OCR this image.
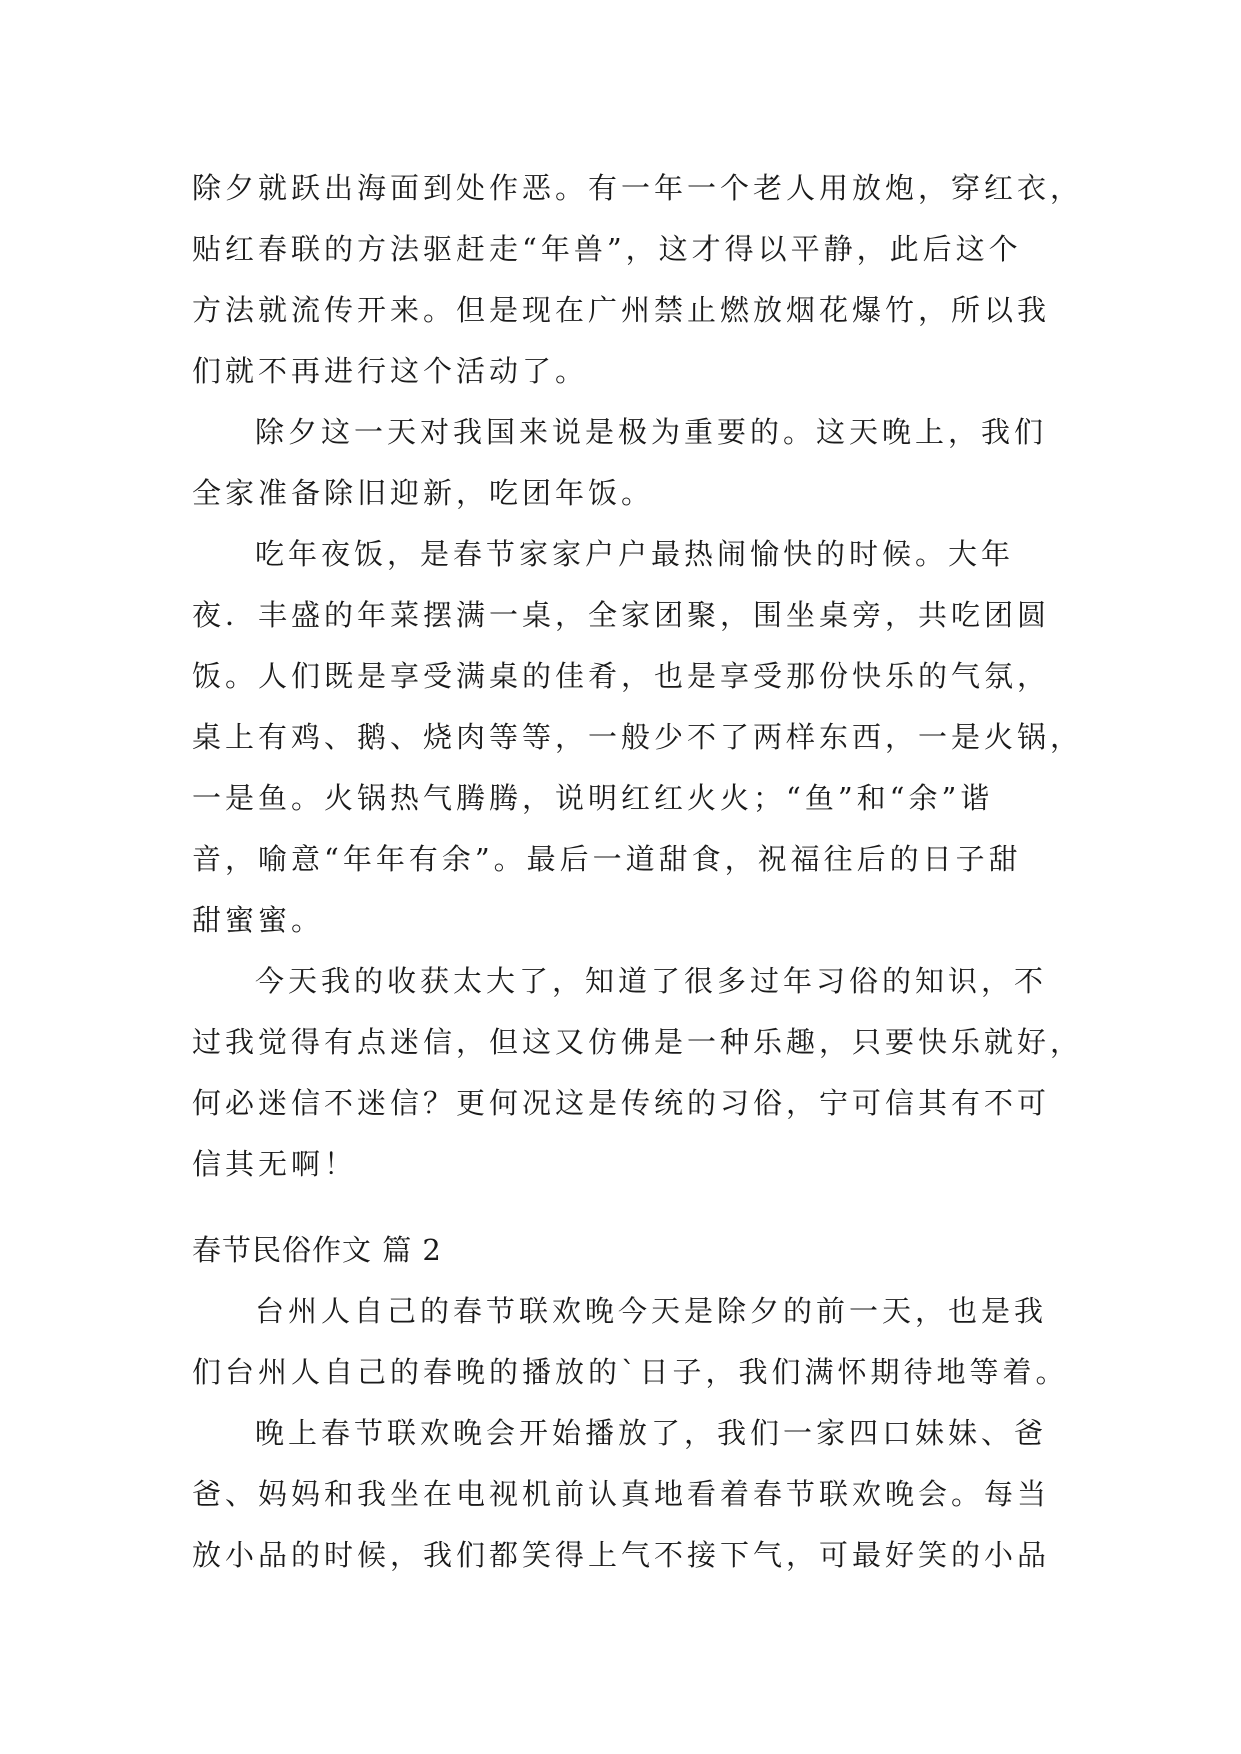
除夕就跃出海面到处作恶。有一年一个老人用放炮，穿红衣，
贴红春联的方法驱赶走“年兽”，这才得以平静，此后这个
方法就流传开来。但是现在广州禁止燃放烟花爆竹，所以我
们就不再进行这个活动了。
除夕这一天对我国来说是极为重要的。这天晚上，我们
全家准备除旧迎新，吃团年饭。
吃年夜饭，是春节家家户户最热闹愉快的时候。大年
夜．丰盛的年菜摆满一桌，全家团聚，围坐桌旁，共吃团圆
饭。人们既是享受满桌的佳肴，也是享受那份快乐的气氛，
桌上有鸡、鹅、烧肉等等，一般少不了两样东西，一是火锅，
一是鱼。火锅热气腾腾，说明红红火火；“鱼”和“余”谐
音，喻意“年年有余”。最后一道甜食，祝福往后的日子甜
甜蜜蜜。
今天我的收获太大了，知道了很多过年习俗的知识，不
过我觉得有点迷信，但这又仿佛是一种乐趣，只要快乐就好，
何必迷信不迷信？更何况这是传统的习俗，宁可信其有不可
信其无啊！
春节民俗作文 篇 2
台州人自己的春节联欢晚今天是除夕的前一天，也是我
们台州人自己的春晚的播放的`日子，我们满怀期待地等着。
晚上春节联欢晚会开始播放了，我们一家四口妹妹、爸
爸、妈妈和我坐在电视机前认真地看着春节联欢晚会。每当
放小品的时候，我们都笑得上气不接下气，可最好笑的小品
